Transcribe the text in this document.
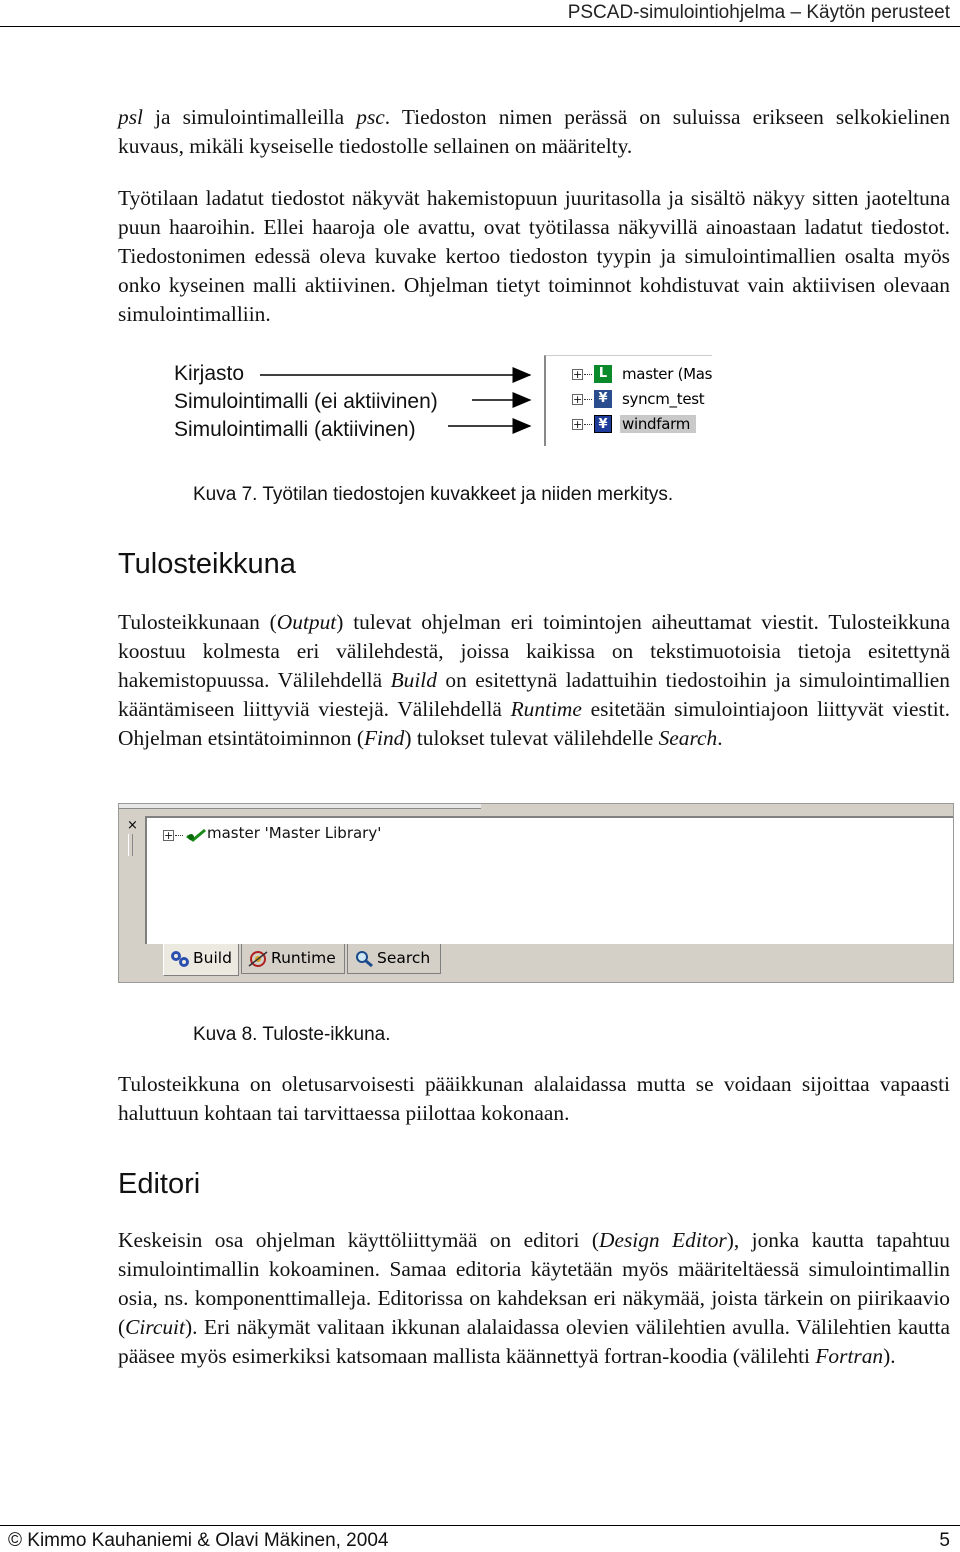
PSCAD-simulointiohjelma – Käytön perusteet

psl ja simulointimalleilla psc. Tiedoston nimen perässä on suluissa erikseen selkokielinen kuvaus, mikäli kyseiselle tiedostolle sellainen on määritelty.

Työtilaan ladatut tiedostot näkyvät hakemistopuun juuritasolla ja sisältö näkyy sitten jaoteltuna puun haaroihin. Ellei haaroja ole avattu, ovat työtilassa näkyvillä ainoastaan ladatut tiedostot. Tiedostonimen edessä oleva kuvake kertoo tiedoston tyypin ja simulointimallien osalta myös onko kyseinen malli aktiivinen. Ohjelman tietyt toiminnot kohdistuvat vain aktiivisen olevaan simulointimalliin.

Kirjasto
Simulointimalli (ei aktiivinen)
Simulointimalli (aktiivinen)
+	L master (Mas
+	¥ syncm_test
+	¥ windfarm
Kuva 7. Työtilan tiedostojen kuvakkeet ja niiden merkitys.
Tulosteikkuna

Tulosteikkunaan (Output) tulevat ohjelman eri toimintojen aiheuttamat viestit. Tulosteikkuna koostuu kolmesta eri välilehdestä, joissa kaikissa on tekstimuotoisia tietoja esitettynä hakemistopuussa. Välilehdellä Build on esitettynä ladattuihin tiedostoihin ja simulointimallien kääntämiseen liittyviä viestejä. Välilehdellä Runtime esitetään simulointiajoon liittyvät viestit. Ohjelman etsintätoiminnon (Find) tulokset tulevat välilehdelle Search.

×
+ master 'Master Library'
Build	Runtime	Search
Kuva 8. Tuloste-ikkuna.

Tulosteikkuna on oletusarvoisesti pääikkunan alalaidassa mutta se voidaan sijoittaa vapaasti haluttuun kohtaan tai tarvittaessa piilottaa kokonaan.

Editori

Keskeisin osa ohjelman käyttöliittymää on editori (Design Editor), jonka kautta tapahtuu simulointimallin kokoaminen. Samaa editoria käytetään myös määriteltäessä simulointimallin osia, ns. komponenttimalleja. Editorissa on kahdeksan eri näkymää, joista tärkein on piirikaavio (Circuit). Eri näkymät valitaan ikkunan alalaidassa olevien välilehtien avulla. Välilehtien kautta pääsee myös esimerkiksi katsomaan mallista käännettyä fortran-koodia (välilehti Fortran).

© Kimmo Kauhaniemi & Olavi Mäkinen, 2004	5
